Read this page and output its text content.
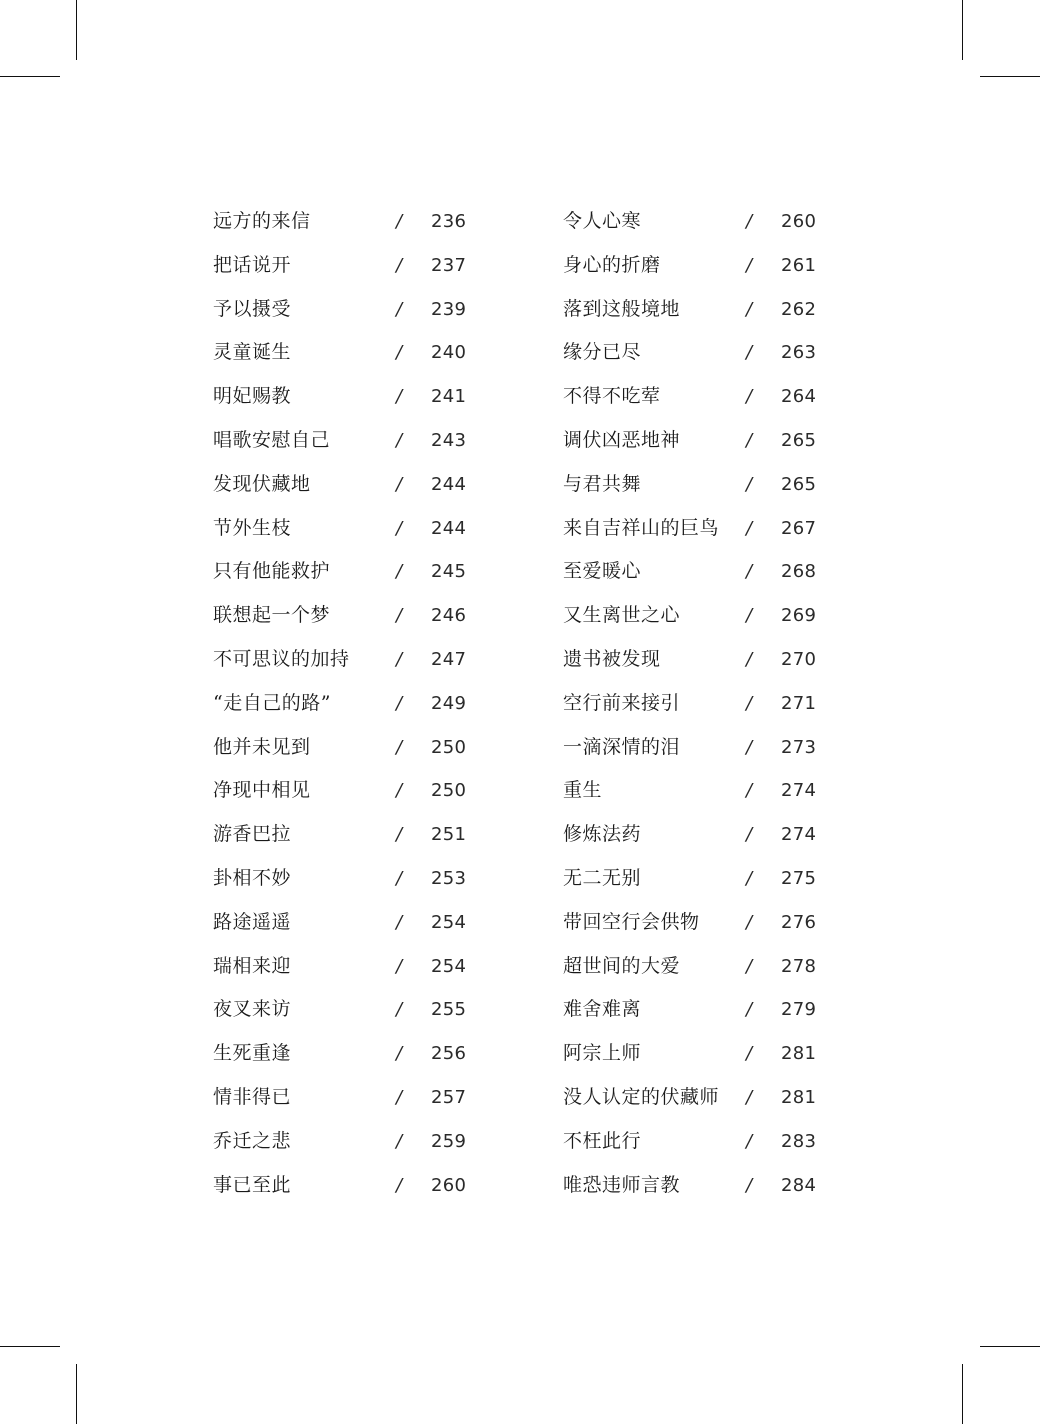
远方的来信	/ 236
把话说开	/ 237
予以摄受	/ 239
灵童诞生	/ 240
明妃赐教	/ 241
唱歌安慰自己	/ 243
发现伏藏地	/ 244
节外生枝	/ 244
只有他能救护	/ 245
联想起一个梦	/ 246
不可思议的加持	/ 247
“走自己的路”	/ 249
他并未见到	/ 250
净现中相见	/ 250
游香巴拉	/ 251
卦相不妙	/ 253
路途遥遥	/ 254
瑞相来迎	/ 254
夜叉来访	/ 255
生死重逢	/ 256
情非得已	/ 257
乔迁之悲	/ 259
事已至此	/ 260
令人心寒	/ 260
身心的折磨	/ 261
落到这般境地	/ 262
缘分已尽	/ 263
不得不吃荤	/ 264
调伏凶恶地神	/ 265
与君共舞	/ 265
来自吉祥山的巨鸟 / 267
至爱暖心	/ 268
又生离世之心	/ 269
遗书被发现	/ 270
空行前来接引	/ 271
一滴深情的泪	/ 273
重生	/ 274
修炼法药	/ 274
无二无别	/ 275
带回空行会供物	/ 276
超世间的大爱	/ 278
难舍难离	/ 279
阿宗上师	/ 281
没人认定的伏藏师 / 281
不枉此行	/ 283
唯恐违师言教	/ 284
